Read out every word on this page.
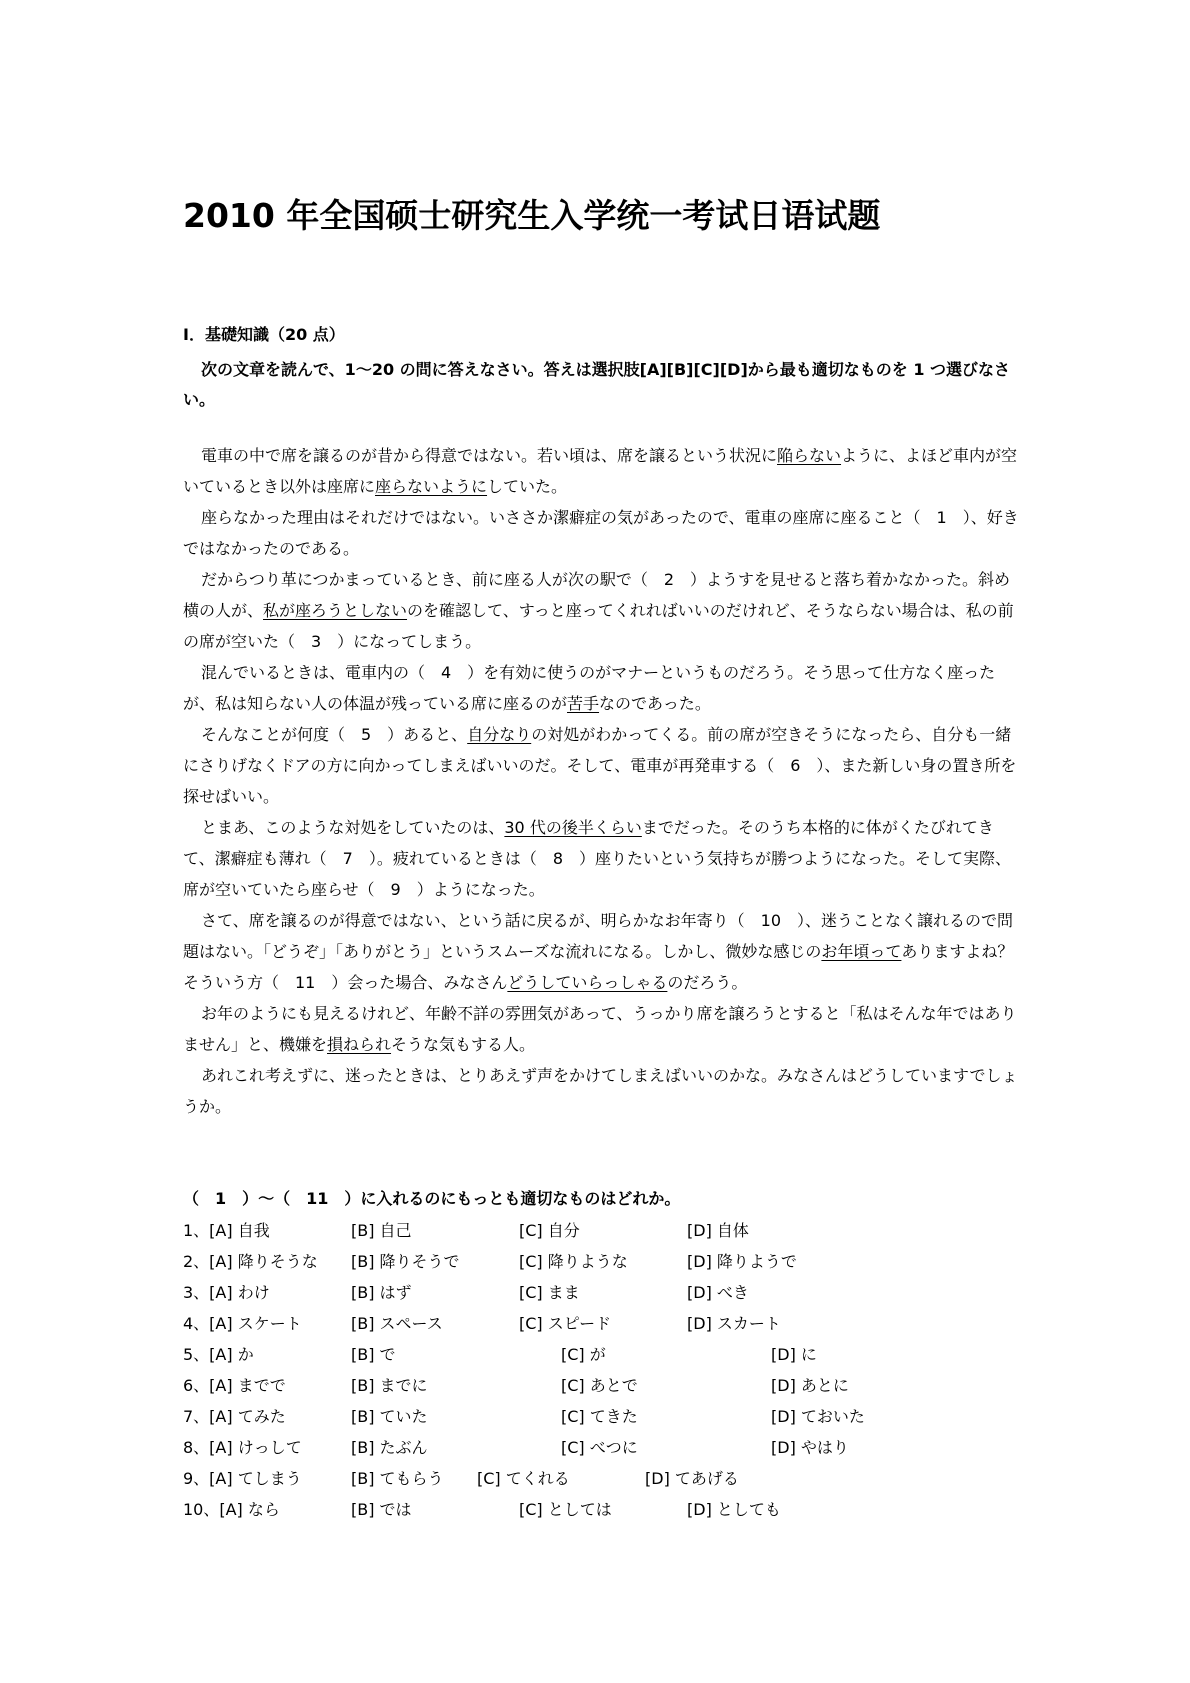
2010 年全国硕士研究生入学统一考试日语试题
Ⅰ．基礎知識（20 点）

次の文章を読んで、1～20 の問に答えなさい。答えは選択肢[A][B][C][D]から最も適切なものを 1 つ選びなさい。

電車の中で席を譲るのが昔から得意ではない。若い頃は、席を譲るという状況に陥らないように、よほど車内が空いているとき以外は座席に座らないようにしていた。

座らなかった理由はそれだけではない。いささか潔癖症の気があったので、電車の座席に座ること（　1　）、好きではなかったのである。

だからつり革につかまっているとき、前に座る人が次の駅で（　2　）ようすを見せると落ち着かなかった。斜め横の人が、私が座ろうとしないのを確認して、すっと座ってくれればいいのだけれど、そうならない場合は、私の前の席が空いた（　3　）になってしまう。

混んでいるときは、電車内の（　4　）を有効に使うのがマナーというものだろう。そう思って仕方なく座ったが、私は知らない人の体温が残っている席に座るのが苦手なのであった。

そんなことが何度（　5　）あると、自分なりの対処がわかってくる。前の席が空きそうになったら、自分も一緒にさりげなくドアの方に向かってしまえばいいのだ。そして、電車が再発車する（　6　）、また新しい身の置き所を探せばいい。

とまあ、このような対処をしていたのは、30 代の後半くらいまでだった。そのうち本格的に体がくたびれてきて、潔癖症も薄れ（　7　）。疲れているときは（　8　）座りたいという気持ちが勝つようになった。そして実際、席が空いていたら座らせ（　9　）ようになった。

さて、席を譲るのが得意ではない、という話に戻るが、明らかなお年寄り（　10　）、迷うことなく譲れるので問題はない。「どうぞ」「ありがとう」というスムーズな流れになる。しかし、微妙な感じのお年頃ってありますよね？そういう方（　11　）会った場合、みなさんどうしていらっしゃるのだろう。

お年のようにも見えるけれど、年齢不詳の雰囲気があって、うっかり席を譲ろうとすると「私はそんな年ではありません」と、機嫌を損ねられそうな気もする人。

あれこれ考えずに、迷ったときは、とりあえず声をかけてしまえばいいのかな。みなさんはどうしていますでしょうか。

（　1　）～（　11　）に入れるのにもっとも適切なものはどれか。

1、[A] 自我	[B] 自己	[C] 自分	[D] 自体
2、[A] 降りそうな [B] 降りそうで	[C] 降りような	[D] 降りようで
3、[A] わけ	[B] はず	[C] まま	[D] べき
4、[A] スケート	[B] スペース	[C] スピード	[D] スカート
5、[A] か	[B] で	[C] が	[D] に
6、[A] までで	[B] までに	[C] あとで	[D] あとに
7、[A] てみた	[B] ていた	[C] てきた	[D] ておいた
8、[A] けっして	[B] たぶん	[C] べつに	[D] やはり
9、[A] てしまう	[B] てもらう [C] てくれる	[D] てあげる
10、[A] なら	[B] では	[C] としては	[D] としても
